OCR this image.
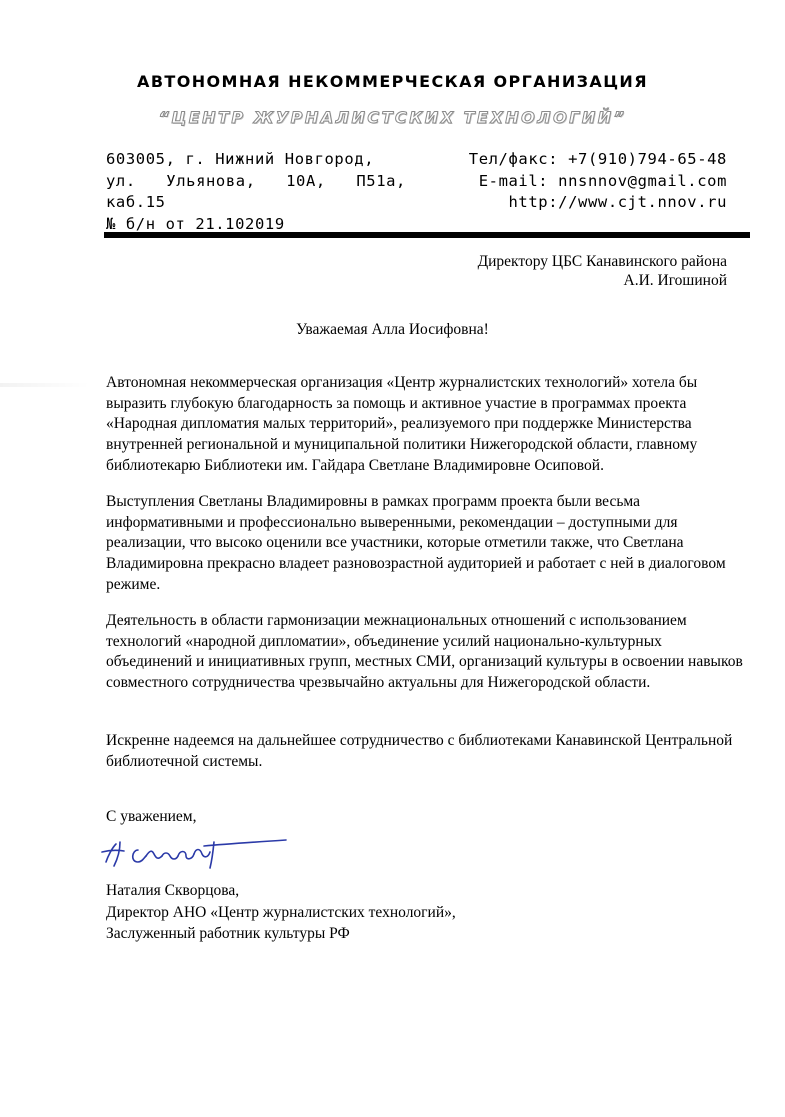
АВТОНОМНАЯ НЕКОММЕРЧЕСКАЯ ОРГАНИЗАЦИЯ
“ЦЕНТР ЖУРНАЛИСТСКИХ ТЕХНОЛОГИЙ”
603005, г. Нижний Новгород,
ул. Ульянова, 10А, П51а,
каб.15
№ б/н от 21.102019
Тел/факс: +7(910)794-65-48
E-mail: nnsnnov@gmail.com
http://www.cjt.nnov.ru
Директору ЦБС Канавинского района
А.И. Игошиной
Уважаемая Алла Иосифовна!

Автономная некоммерческая организация «Центр журналистских технологий» хотела бы выразить глубокую благодарность за помощь и активное участие в программах проекта «Народная дипломатия малых территорий», реализуемого при поддержке Министерства внутренней региональной и муниципальной политики Нижегородской области, главному библиотекарю Библиотеки им. Гайдара Светлане Владимировне Осиповой.

Выступления Светланы Владимировны в рамках программ проекта были весьма информативными и профессионально выверенными, рекомендации – доступными для реализации, что высоко оценили все участники, которые отметили также, что Светлана Владимировна прекрасно владеет разновозрастной аудиторией и работает с ней в диалоговом режиме.

Деятельность в области гармонизации межнациональных отношений с использованием технологий «народной дипломатии», объединение усилий национально-культурных объединений и инициативных групп, местных СМИ, организаций культуры в освоении навыков совместного сотрудничества чрезвычайно актуальны для Нижегородской области.

Искренне надеемся на дальнейшее сотрудничество с библиотеками Канавинской Центральной библиотечной системы.

С уважением,
Наталия Скворцова,
Директор АНО «Центр журналистских технологий»,
Заслуженный работник культуры РФ
